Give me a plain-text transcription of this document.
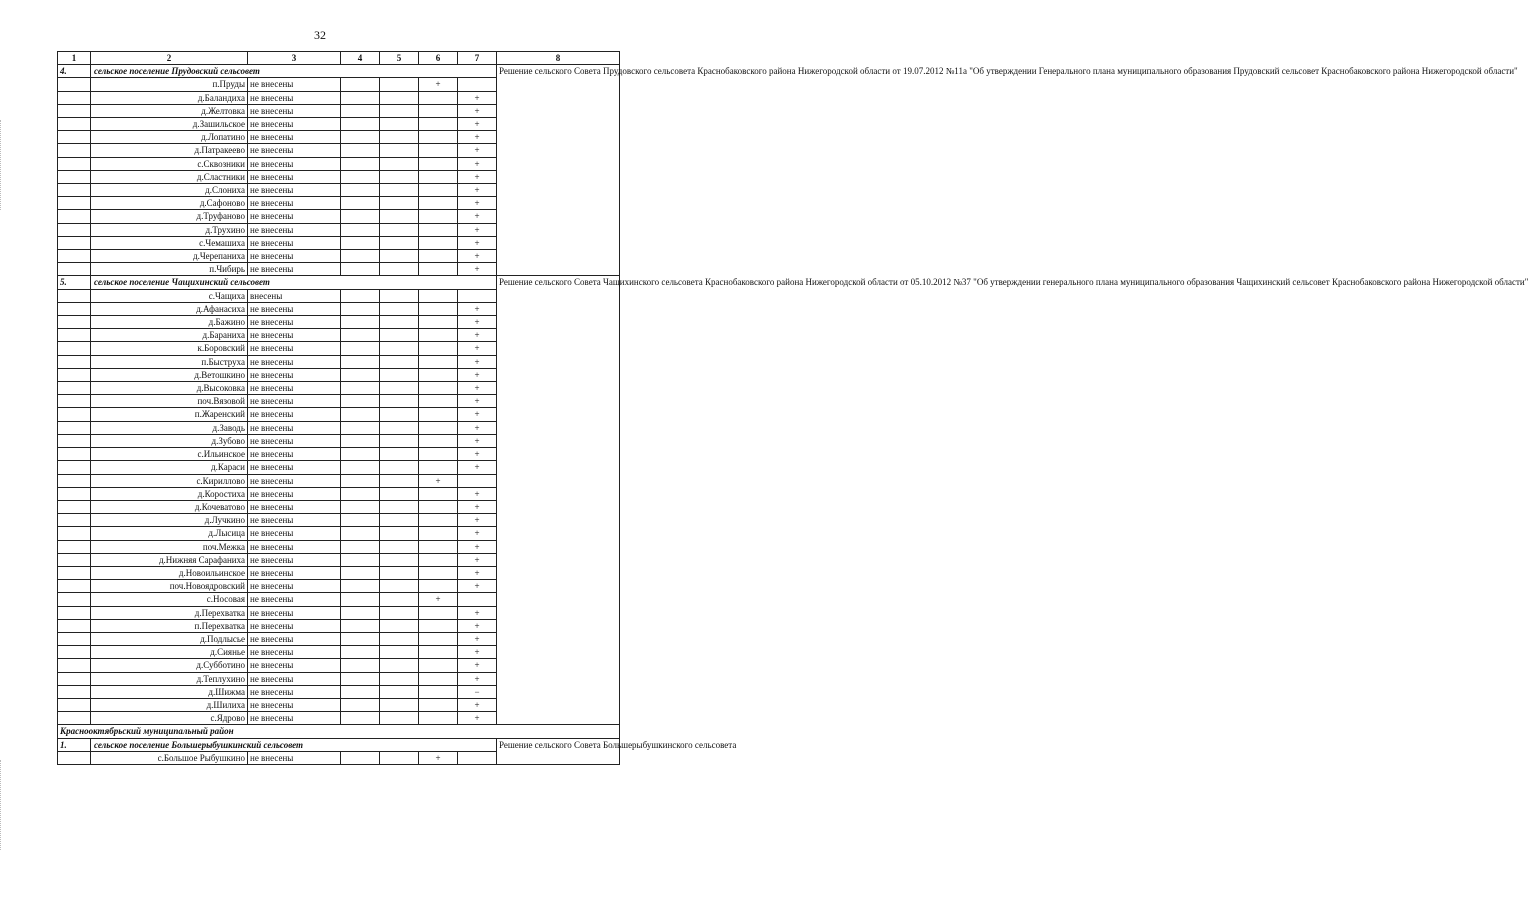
32
1	2	3	4	5	6	7	8
4.	сельское поселение Прудовский сельсовет						Решение сельского Совета Прудовского сельсовета Краснобаковского района Нижегородской области от 19.07.2012 №11а "Об утверждении Генерального плана муниципального образования Прудовский сельсовет Краснобаковского района Нижегородской области"
	п.Пруды	не внесены			+		
	д.Баландиха	не внесены				+	
	д.Желтовка	не внесены				+	
	д.Зашильское	не внесены				+	
	д.Лопатино	не внесены				+	
	д.Патракеево	не внесены				+	
	с.Сквозники	не внесены				+	
	д.Сластники	не внесены				+	
	д.Слониха	не внесены				+	
	д.Сафоново	не внесены				+	
	д.Труфаново	не внесены				+	
	д.Трухино	не внесены				+	
	с.Чемашиха	не внесены				+	
	д.Черепаниха	не внесены				+	
	п.Чибирь	не внесены				+	
5.	сельское поселение Чащихинский сельсовет						Решение сельского Совета Чащихинского сельсовета Краснобаковского района Нижегородской области от 05.10.2012 №37 "Об утверждении генерального плана муниципального образования Чащихинский сельсовет Краснобаковского района Нижегородской области"
	с.Чащиха	внесены					
	д.Афанасиха	не внесены				+	
	д.Бажино	не внесены				+	
	д.Бараниха	не внесены				+	
	к.Боровский	не внесены				+	
	п.Быструха	не внесены				+	
	д.Ветошкино	не внесены				+	
	д.Высоковка	не внесены				+	
	поч.Вязовой	не внесены				+	
	п.Жаренский	не внесены				+	
	д.Заводь	не внесены				+	
	д.Зубово	не внесены				+	
	с.Ильинское	не внесены				+	
	д.Караси	не внесены				+	
	с.Кириллово	не внесены			+		
	д.Коростиха	не внесены				+	
	д.Кочеватово	не внесены				+	
	д.Лучкино	не внесены				+	
	д.Лысица	не внесены				+	
	поч.Межка	не внесены				+	
	д.Нижняя Сарафаниха	не внесены				+	
	д.Новоильинское	не внесены				+	
	поч.Новоядровский	не внесены				+	
	с.Носовая	не внесены			+		
	д.Перехватка	не внесены				+	
	п.Перехватка	не внесены				+	
	д.Подлысье	не внесены				+	
	д.Сиянье	не внесены				+	
	д.Субботино	не внесены				+	
	д.Теплухино	не внесены				+	
	д.Шижма	не внесены				−	
	д.Шилиха	не внесены				+	
	с.Ядрово	не внесены				+	
Краснооктябрьский муниципальный район							
1.	сельское поселение Большерыбушкинский сельсовет						Решение сельского Совета Большерыбушкинского сельсовета
	с.Большое Рыбушкино	не внесены			+		
